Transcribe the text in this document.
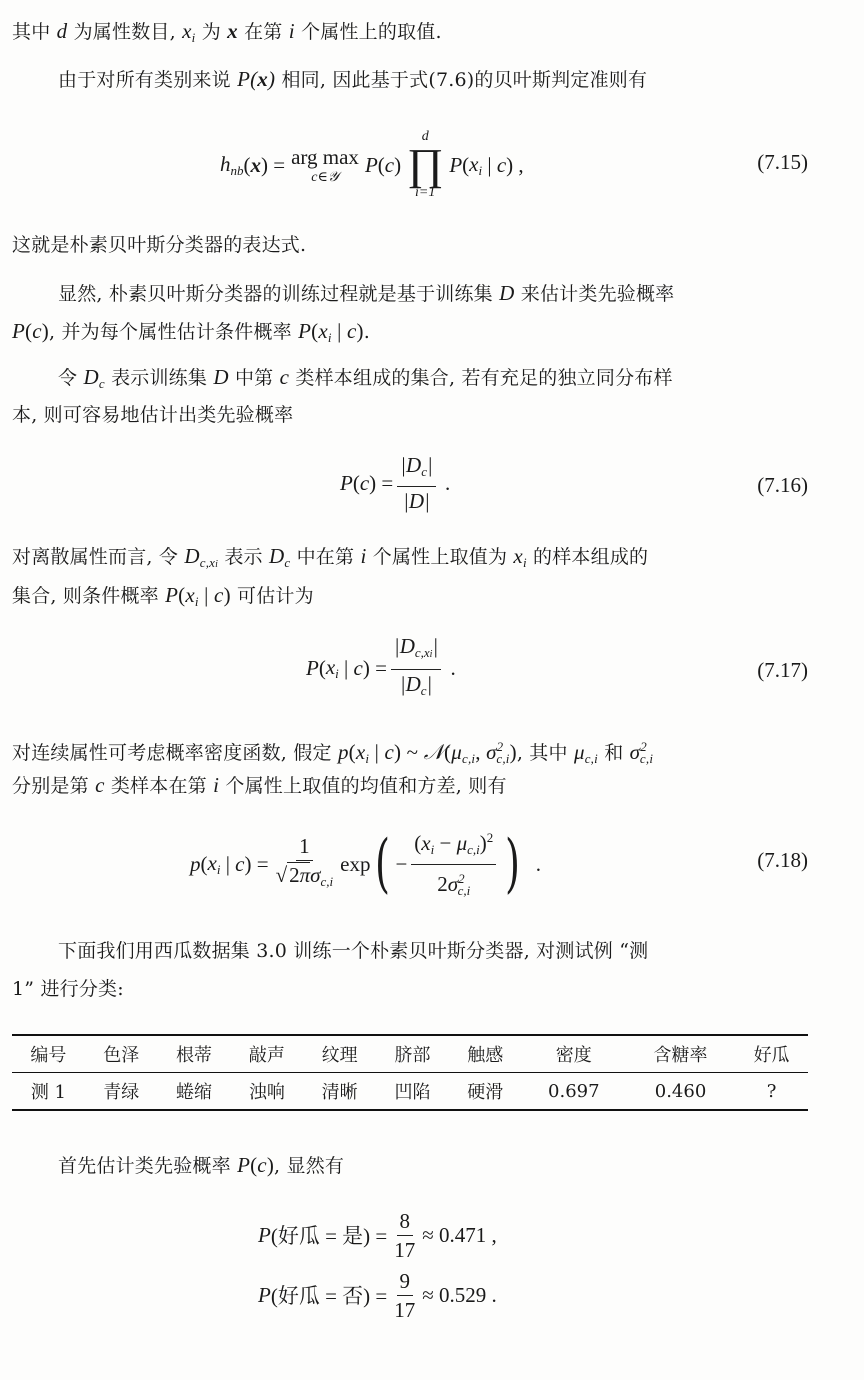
其中 d 为属性数目, $x_i$ 为 x 在第 i 个属性上的取值.
由于对所有类别来说 P(x) 相同, 因此基于式(7.6)的贝叶斯判定准则有
$h_{nb}$ (x) = arg max
c∈𝒴
P ( c )
d
∏
i=1
P ( $x_i$ | c ) ,	(7.15)
这就是朴素贝叶斯分类器的表达式.
显然, 朴素贝叶斯分类器的训练过程就是基于训练集 D 来估计类先验概率
P(c), 并为每个属性估计条件概率 $P(x_i$ | c).
令 $D_c$ 表示训练集 D 中第 c 类样本组成的集合, 若有充足的独立同分布样
本, 则可容易地估计出类先验概率
P ( c ) = $\frac{|D_c|}{|D|}$ .	(7.16)
对离散属性而言, 令 $D_{c,xi}$ 表示 $D_c$ 中在第 i 个属性上取值为 $x_i$ 的样本组成的
集合, 则条件概率 $P(x_i$ | c) 可估计为
P ( $x_i$ | c ) = $\frac{|D_{c,xi}|}{|D_c|}$ .	(7.17)
对连续属性可考虑概率密度函数, 假定 $p(x_i$ | c) ~ $𝒩(\mu_{c,i}$, $\sigma^2_{c,i}$), 其中 $\mu_{c,i}$ 和 $\sigma^2_{c,i}$
分别是第 c 类样本在第 i 个属性上取值的均值和方差, 则有
p ( $x_i$ | c ) = $\frac{1}{√2\pi\sigma_{c,i}}$ exp ( − $\frac{(x_i - \mu_{c,i})^2}{2\sigma^2_{c,i}}$ ) .	(7.18)
下面我们用西瓜数据集 3.0 训练一个朴素贝叶斯分类器, 对测试例 “测
1” 进行分类:
编号	色泽	根蒂	敲声	纹理	脐部	触感	密度	含糖率	好瓜
测 1	青绿	蜷缩	浊响	清晰	凹陷	硬滑	0.697	0.460	?
首先估计类先验概率 P(c), 显然有
P (好瓜 = 是) = $\frac{8}{17} \approx 0.471$ ,
P (好瓜 = 否) = $\frac{9}{17} \approx 0.529$ .
